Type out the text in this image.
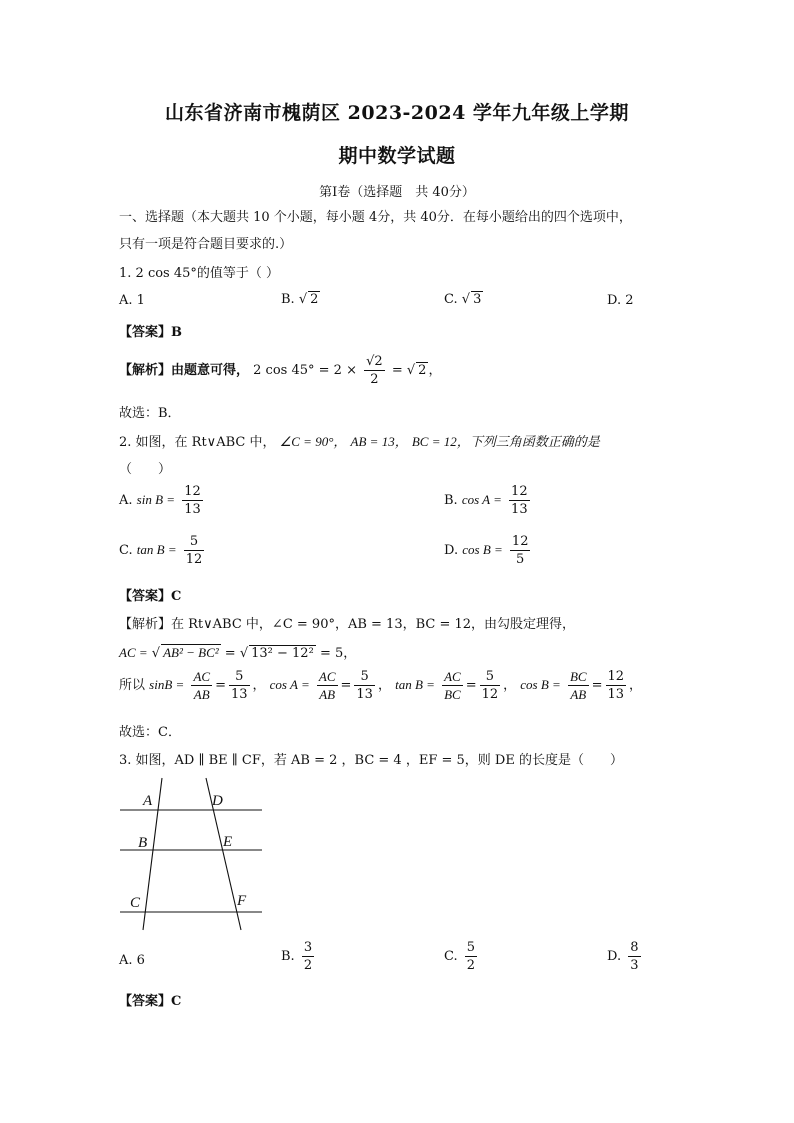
山东省济南市槐荫区 2023-2024 学年九年级上学期
期中数学试题
第Ⅰ卷（选择题　共 40分）
一、选择题（本大题共 10 个小题，每小题 4分，共 40分．在每小题给出的四个选项中，
只有一项是符合题目要求的.）
1. 2 cos 45°的值等于（ ）
A. 1	B. √ 2	C. √ 3	D. 2
【答案】B
【解析】由题意可得， 2 $\cos 45^\circ = 2 \times \frac{√2}{2}$ = √ 2 ，
故选：B．
2. 如图，在 Rt∨ABC 中， ∠C = 90°， AB = 13， BC = 12，下列三角函数正确的是
（　　）
A. $\sin B = \frac{12}{13}$	B. $\cos A = \frac{12}{13}$
C. $\tan B = \frac{5}{12}$	D. $\cos B = \frac{12}{5}$
【答案】C
【解析】在 Rt∨ABC 中，∠C = 90°，AB = 13，BC = 12，由勾股定理得，
AC = √ AB² − BC² = √ 13² − 12² = 5，
所以 $\sin B = \frac{AC}{AB} = \frac{5}{13}$ ， $\cos A = \frac{AC}{AB} = \frac{5}{13}$ ， $\tan B = \frac{AC}{BC} = \frac{5}{12}$ ， $\cos B = \frac{BC}{AB} = \frac{12}{13}$ ，
故选：C．
3. 如图，AD ∥ BE ∥ CF，若 AB = 2 ，BC = 4 ，EF = 5，则 DE 的长度是（　　）
A	D
B	E
C	F
A. 6	B. $\frac{3}{2}$	C. $\frac{5}{2}$	D. $\frac{8}{3}$
【答案】C
